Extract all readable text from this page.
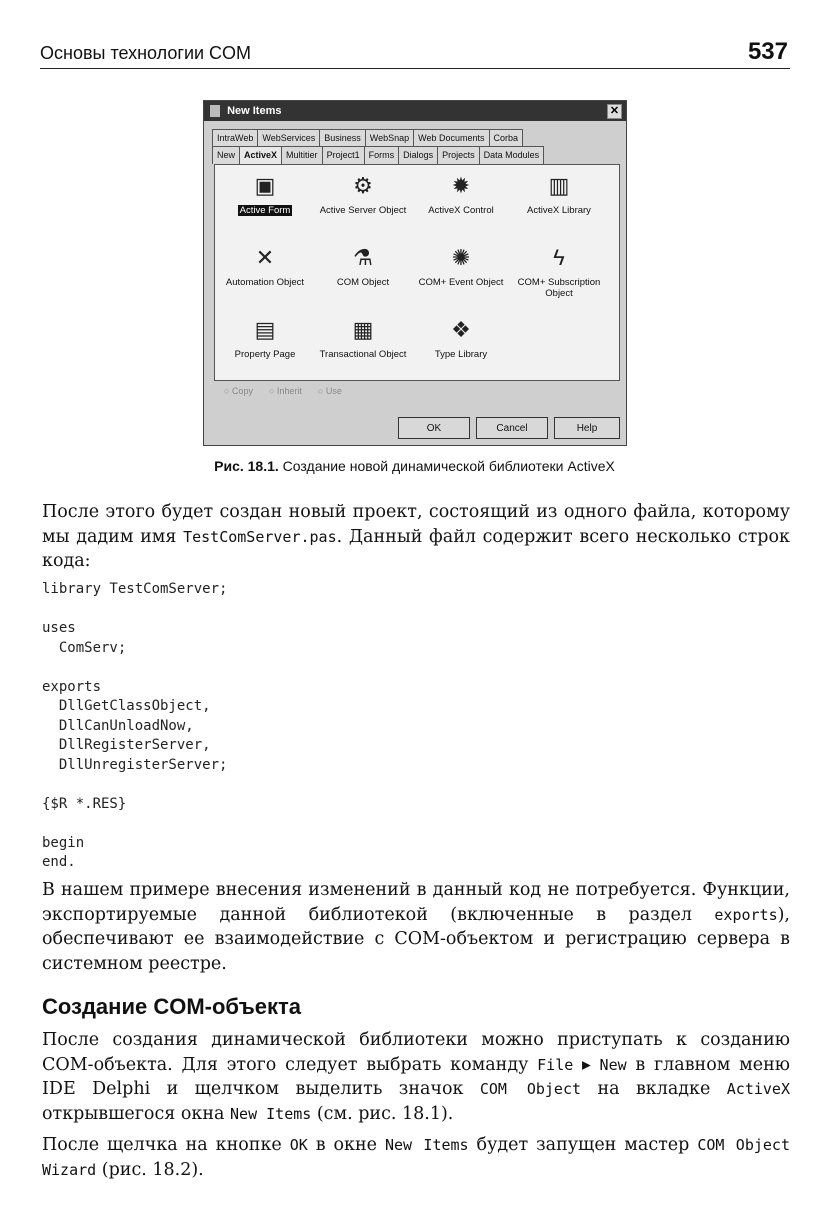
Основы технологии COM	537
New Items	✕
IntraWeb	WebServices	Business	WebSnap	Web Documents	Corba
New	ActiveX	Multitier	Project1	Forms	Dialogs	Projects	Data Modules
▣
Active Form
⚙
Active Server Object
✹
ActiveX Control
▥
ActiveX Library
✕
Automation Object
⚗
COM Object
✺
COM+ Event Object
ϟ
COM+ Subscription Object
▤
Property Page
▦
Transactional Object
❖
Type Library
○ Copy ○ Inherit ○ Use
OK	Cancel	Help
Рис. 18.1. Создание новой динамической библиотеки ActiveX
После этого будет создан новый проект, состоящий из одного файла, которому мы дадим имя TestComServer.pas. Данный файл содержит всего несколько строк кода:
library TestComServer;

uses
ComServ;

exports
DllGetClassObject,
DllCanUnloadNow,
DllRegisterServer,
DllUnregisterServer;

{$R *.RES}

begin
end.
В нашем примере внесения изменений в данный код не потребуется. Функции, экспортируемые данной библиотекой (включенные в раздел exports), обеспечивают ее взаимодействие с COM-объектом и регистрацию сервера в системном реестре.
Создание COM-объекта
После создания динамической библиотеки можно приступать к созданию COM-объекта. Для этого следует выбрать команду File ▸ New в главном меню IDE Delphi и щелчком выделить значок COM Object на вкладке ActiveX открывшегося окна New Items (см. рис. 18.1).
После щелчка на кнопке OK в окне New Items будет запущен мастер COM Object Wizard (рис. 18.2).
